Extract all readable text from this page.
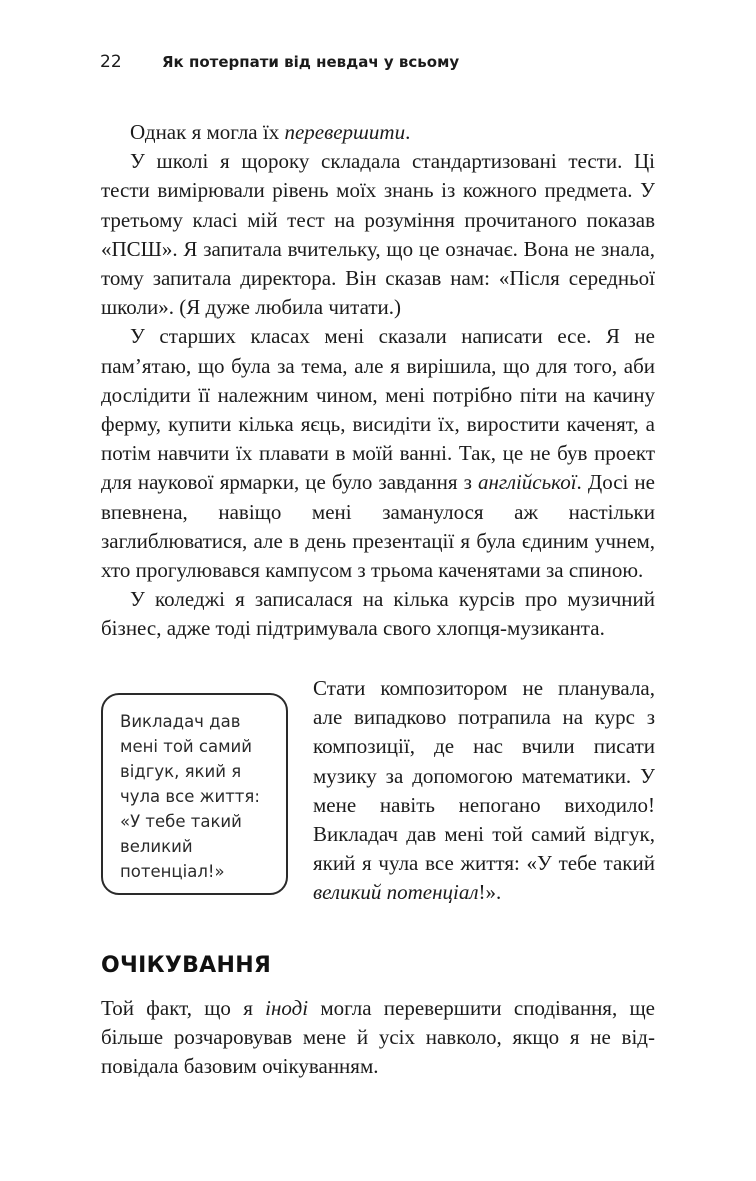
22	Як потерпати від невдач у всьому

Однак я могла їх перевершити.

У школі я щороку складала стандартизовані тести. Ці тести вимірювали рівень моїх знань із кожного предмета. У третьому класі мій тест на розуміння прочитаного показав «ПСШ». Я запитала вчительку, що це означає. Вона не знала, тому запитала директора. Він сказав нам: «Після середньої школи». (Я дуже любила читати.)

У старших класах мені сказали написати есе. Я не пам’ятаю, що була за тема, але я вирішила, що для того, аби дослідити її належним чином, мені потрібно піти на качину ферму, купити кілька яєць, висидіти їх, виростити каченят, а потім навчити їх плавати в моїй ванні. Так, це не був проект для наукової ярмарки, це було завдання з англійської. Досі не впевнена, навіщо мені заманулося аж настільки заглиблюватися, але в день презентації я була єдиним учнем, хто прогулювався кампусом з трьома каченятами за спиною.

У коледжі я записалася на кілька курсів про музичний бізнес, адже тоді підтримувала свого хлопця-музиканта.

Викладач дав мені той самий відгук, який я чула все життя: «У тебе такий великий потенціал!»

Стати композитором не планувала, але випадково потрапила на курс з композиції, де нас вчили писати музику за допомогою математики. У мене навіть непогано виходило! Викладач дав мені той самий відгук, який я чула все життя: «У тебе такий великий потенціал!».

ОЧІКУВАННЯ

Той факт, що я іноді могла перевершити сподівання, ще більше розчаровував мене й усіх навколо, якщо я не відповідала базовим очікуванням.
